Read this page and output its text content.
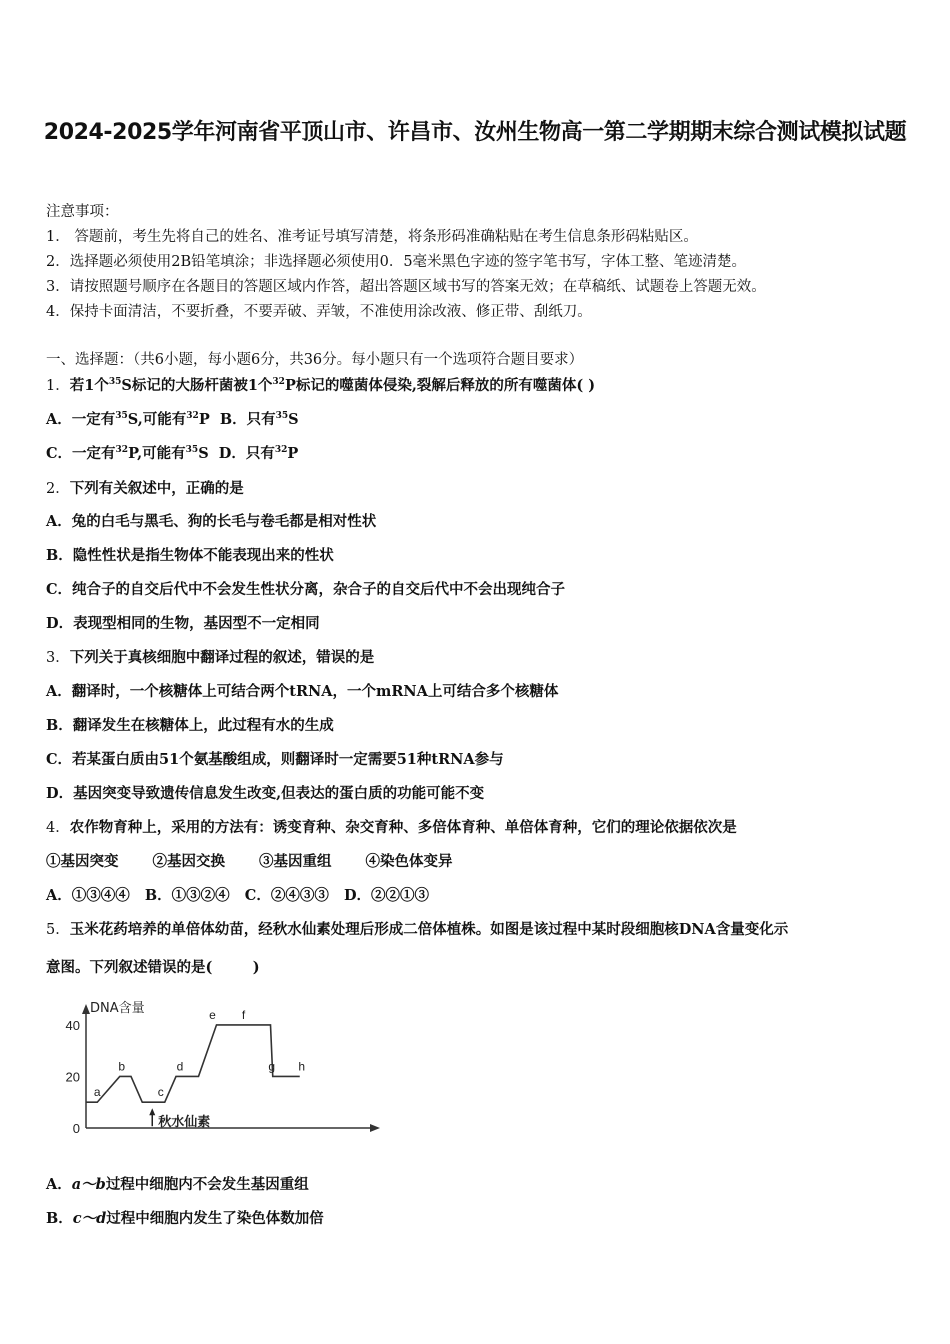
2024-2025学年河南省平顶山市、许昌市、汝州生物高一第二学期期末综合测试模拟试题
注意事项：
1． 答题前，考生先将自己的姓名、准考证号填写清楚，将条形码准确粘贴在考生信息条形码粘贴区。
2．选择题必须使用2B铅笔填涂；非选择题必须使用0．5毫米黑色字迹的签字笔书写，字体工整、笔迹清楚。
3．请按照题号顺序在各题目的答题区域内作答，超出答题区域书写的答案无效；在草稿纸、试题卷上答题无效。
4．保持卡面清洁，不要折叠，不要弄破、弄皱，不准使用涂改液、修正带、刮纸刀。
一、选择题：（共6小题，每小题6分，共36分。每小题只有一个选项符合题目要求）
1．若1个$^{35}$S标记的大肠杆菌被1个$^{32}$P标记的噬菌体侵染,裂解后释放的所有噬菌体( )
A．一定有$^{35}$S,可能有$^{32}$P B．只有$^{35}$S
C．一定有$^{32}$P,可能有$^{35}$S D．只有$^{32}$P
2．下列有关叙述中，正确的是
A．兔的白毛与黑毛、狗的长毛与卷毛都是相对性状
B．隐性性状是指生物体不能表现出来的性状
C．纯合子的自交后代中不会发生性状分离，杂合子的自交后代中不会出现纯合子
D．表现型相同的生物，基因型不一定相同
3．下列关于真核细胞中翻译过程的叙述，错误的是
A．翻译时，一个核糖体上可结合两个tRNA，一个mRNA上可结合多个核糖体
B．翻译发生在核糖体上，此过程有水的生成
C．若某蛋白质由51个氨基酸组成，则翻译时一定需要51种tRNA参与
D．基因突变导致遗传信息发生改变,但表达的蛋白质的功能可能不变
4．农作物育种上，采用的方法有：诱变育种、杂交育种、多倍体育种、单倍体育种，它们的理论依据依次是
①基因突变 ②基因交换 ③基因重组 ④染色体变异
A．①③④④   B．①③②④   C．②④③③   D．②②①③
5．玉米花药培养的单倍体幼苗，经秋水仙素处理后形成二倍体植株。如图是该过程中某时段细胞核DNA含量变化示
意图。下列叙述错误的是(        )
DNA含量
0
20
40
a
b
c
d
e f
g h
秋水仙素
A．a～b过程中细胞内不会发生基因重组
B．c～d过程中细胞内发生了染色体数加倍
